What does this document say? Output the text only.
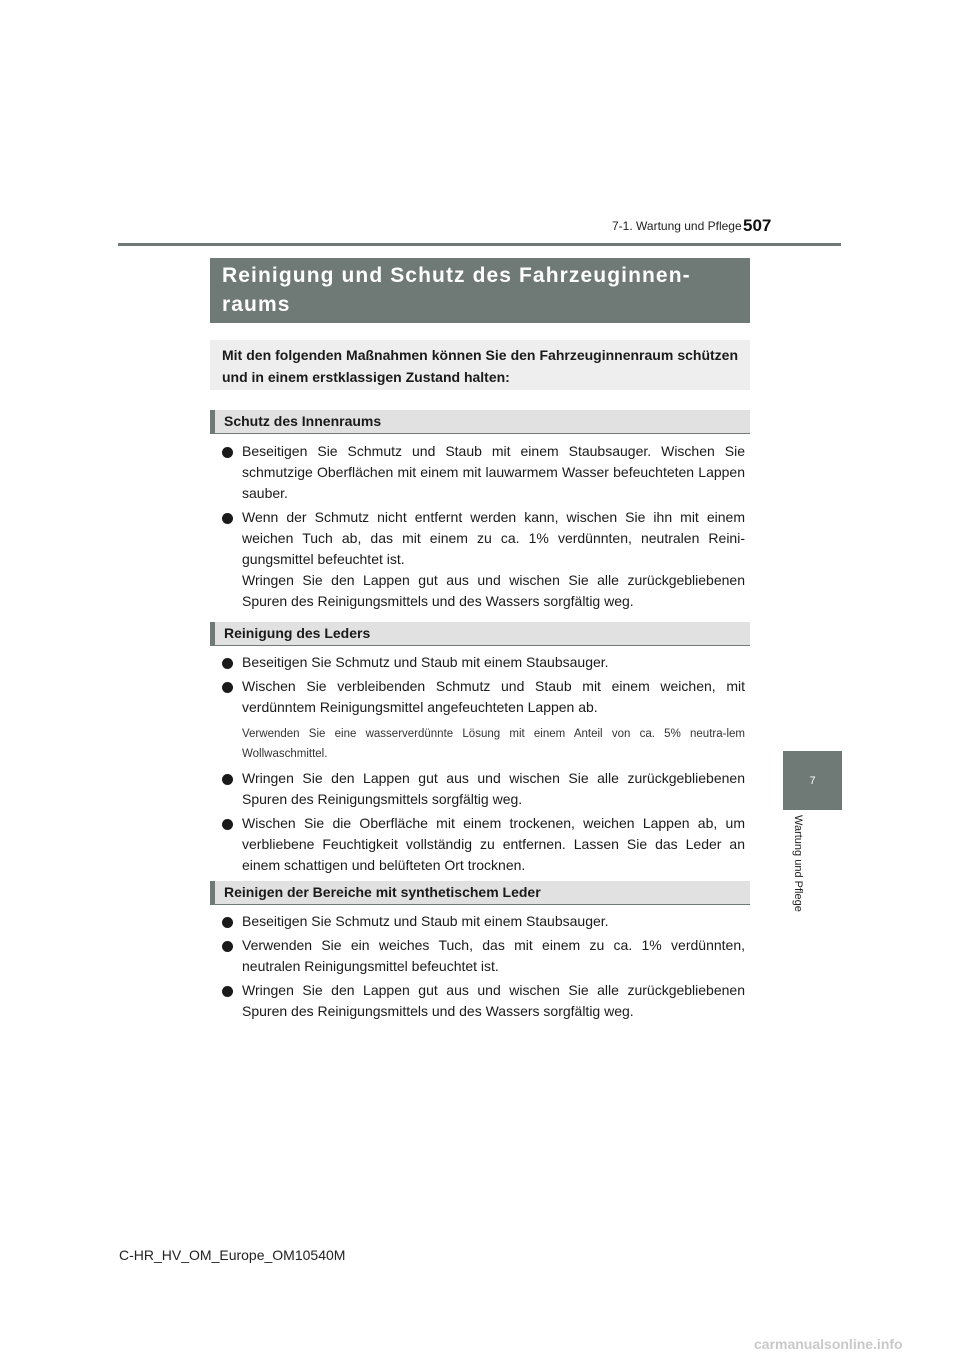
7-1. Wartung und Pflege 507
7
Wartung und Pflege
Reinigung und Schutz des Fahrzeuginnen-raums
Mit den folgenden Maßnahmen können Sie den Fahrzeuginnenraum schützen und in einem erstklassigen Zustand halten:
Schutz des Innenraums

Beseitigen Sie Schmutz und Staub mit einem Staubsauger. Wischen Sie schmutzige Oberflächen mit einem mit lauwarmem Wasser befeuchteten Lappen sauber.

Wenn der Schmutz nicht entfernt werden kann, wischen Sie ihn mit einem weichen Tuch ab, das mit einem zu ca. 1% verdünnten, neutralen Reini-gungsmittel befeuchtet ist.

Wringen Sie den Lappen gut aus und wischen Sie alle zurückgebliebenen Spuren des Reinigungsmittels und des Wassers sorgfältig weg.

Reinigung des Leders

Beseitigen Sie Schmutz und Staub mit einem Staubsauger.

Wischen Sie verbleibenden Schmutz und Staub mit einem weichen, mit verdünntem Reinigungsmittel angefeuchteten Lappen ab.

Verwenden Sie eine wasserverdünnte Lösung mit einem Anteil von ca. 5% neutra-lem Wollwaschmittel.

Wringen Sie den Lappen gut aus und wischen Sie alle zurückgebliebenen Spuren des Reinigungsmittels sorgfältig weg.

Wischen Sie die Oberfläche mit einem trockenen, weichen Lappen ab, um verbliebene Feuchtigkeit vollständig zu entfernen. Lassen Sie das Leder an einem schattigen und belüfteten Ort trocknen.

Reinigen der Bereiche mit synthetischem Leder

Beseitigen Sie Schmutz und Staub mit einem Staubsauger.

Verwenden Sie ein weiches Tuch, das mit einem zu ca. 1% verdünnten, neutralen Reinigungsmittel befeuchtet ist.

Wringen Sie den Lappen gut aus und wischen Sie alle zurückgebliebenen Spuren des Reinigungsmittels und des Wassers sorgfältig weg.

C-HR_HV_OM_Europe_OM10540M
carmanualsonline.info
